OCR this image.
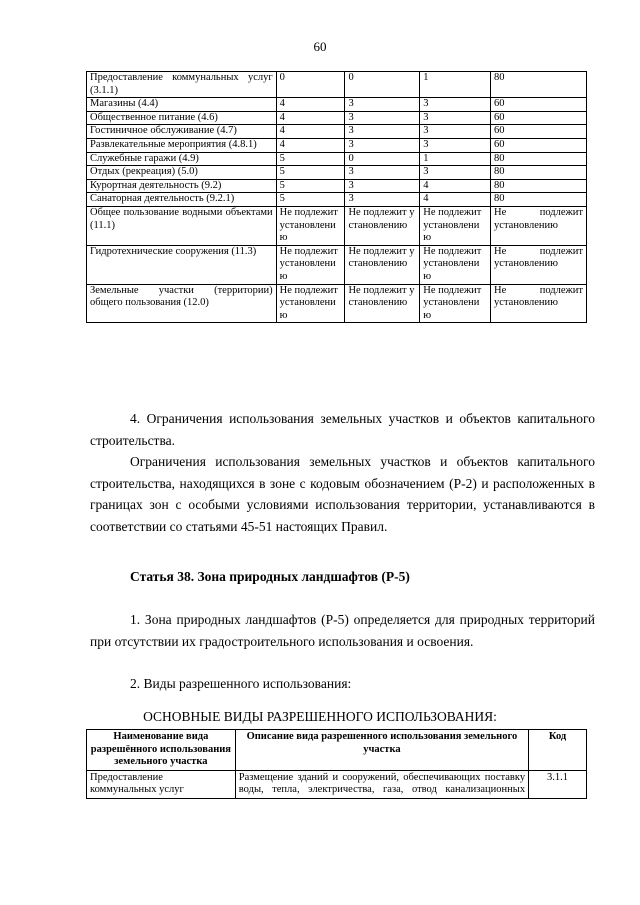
60
Предоставление коммунальных услуг (3.1.1)	0	0	1	80
Магазины (4.4)	4	3	3	60
Общественное питание (4.6)	4	3	3	60
Гостиничное обслуживание (4.7)	4	3	3	60
Развлекательные мероприятия (4.8.1)	4	3	3	60
Служебные гаражи (4.9)	5	0	1	80
Отдых (рекреация) (5.0)	5	3	3	80
Курортная деятельность (9.2)	5	3	4	80
Санаторная деятельность (9.2.1)	5	3	4	80
Общее пользование водными объектами (11.1)	Не подлежит установлению	Не подлежит установлению	Не подлежит установлению	Не подлежит установлению
Гидротехнические сооружения (11.3)	Не подлежит установлению	Не подлежит установлению	Не подлежит установлению	Не подлежит установлению
Земельные участки (территории) общего пользования (12.0)	Не подлежит установлению	Не подлежит установлению	Не подлежит установлению	Не подлежит установлению
4. Ограничения использования земельных участков и объектов капитального строительства.
Ограничения использования земельных участков и объектов капитального строительства, находящихся в зоне с кодовым обозначением (Р-2) и расположенных в границах зон с особыми условиями использования территории, устанавливаются в соответствии со статьями 45-51 настоящих Правил.
Статья 38. Зона природных ландшафтов (Р-5)
1. Зона природных ландшафтов (Р-5) определяется для природных территорий при отсутствии их градостроительного использования и освоения.
2. Виды разрешенного использования:
ОСНОВНЫЕ ВИДЫ РАЗРЕШЕННОГО ИСПОЛЬЗОВАНИЯ:
Наименование вида разрешённого использования земельного участка	Описание вида разрешенного использования земельного участка	Код
Предоставление коммунальных услуг	Размещение зданий и сооружений, обеспечивающих поставку воды, тепла, электричества, газа, отвод канализационных	3.1.1
